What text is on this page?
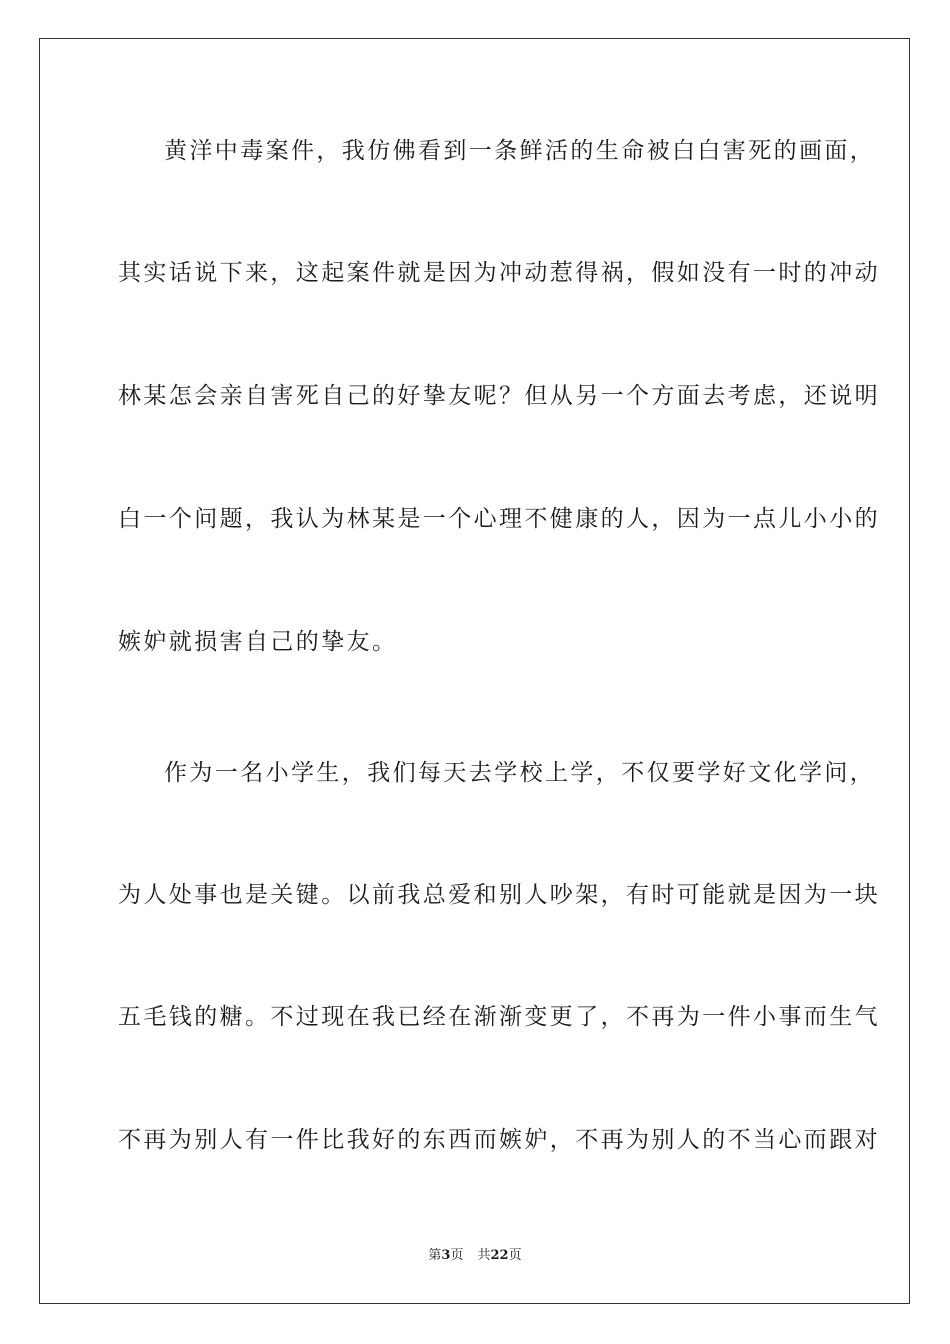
黄洋中毒案件，我仿佛看到一条鲜活的生命被白白害死的画面，
其实话说下来，这起案件就是因为冲动惹得祸，假如没有一时的冲动
林某怎会亲自害死自己的好挚友呢？但从另一个方面去考虑，还说明
白一个问题，我认为林某是一个心理不健康的人，因为一点儿小小的
嫉妒就损害自己的挚友。
作为一名小学生，我们每天去学校上学，不仅要学好文化学问，
为人处事也是关键。以前我总爱和别人吵架，有时可能就是因为一块
五毛钱的糖。不过现在我已经在渐渐变更了，不再为一件小事而生气
不再为别人有一件比我好的东西而嫉妒，不再为别人的不当心而跟对
第3页 共22页
